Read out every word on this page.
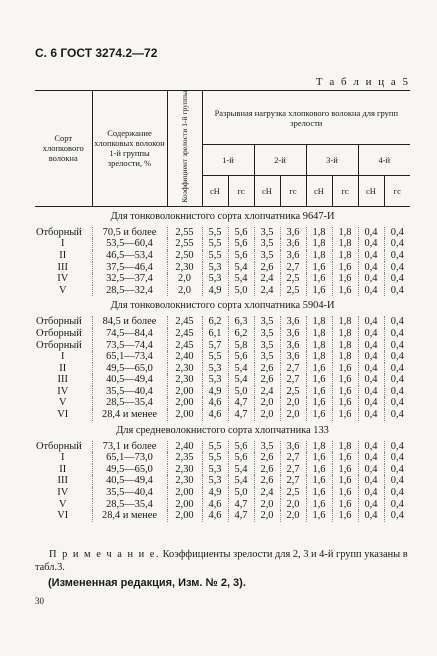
С. 6 ГОСТ 3274.2—72
Т а б л и ц а 5
Сорт хлопкового волокна	Содержание хлопковых волокон 1-й группы зрелости, %	Коэффициент зрелости 1-й группы	Разрывная нагрузка хлопкового волокна для групп зрелости							
			1-й		2-й		3-й		4-й	
			сН	гс	сН	гс	сН	гс	сН	гс
Для тонковолокнистого сорта хлопчатника 9647-И										
Отборный	70,5 и более	2,55	5,5	5,6	3,5	3,6	1,8	1,8	0,4	0,4
I	53,5—60,4	2,55	5,5	5,6	3,5	3,6	1,8	1,8	0,4	0,4
II	46,5—53,4	2,50	5,5	5,6	3,5	3,6	1,8	1,8	0,4	0,4
III	37,5—46,4	2,30	5,3	5,4	2,6	2,7	1,6	1,6	0,4	0,4
IV	32,5—37,4	2,0	5,3	5,4	2,4	2,5	1,6	1,6	0,4	0,4
V	28,5—32,4	2,0	4,9	5,0	2,4	2,5	1,6	1,6	0,4	0,4
Для тонковолокнистого сорта хлопчатника 5904-И										
Отборный	84,5 и более	2,45	6,2	6,3	3,5	3,6	1,8	1,8	0,4	0,4
Отборный	74,5—84,4	2,45	6,1	6,2	3,5	3,6	1,8	1,8	0,4	0,4
Отборный	73,5—74,4	2,45	5,7	5,8	3,5	3,6	1,8	1,8	0,4	0,4
I	65,1—73,4	2,40	5,5	5,6	3,5	3,6	1,8	1,8	0,4	0,4
II	49,5—65,0	2,30	5,3	5,4	2,6	2,7	1,6	1,6	0,4	0,4
III	40,5—49,4	2,30	5,3	5,4	2,6	2,7	1,6	1,6	0,4	0,4
IV	35,5—40,4	2,00	4,9	5,0	2,4	2,5	1,6	1,6	0,4	0,4
V	28,5—35,4	2,00	4,6	4,7	2,0	2,0	1,6	1,6	0,4	0,4
VI	28,4 и менее	2,00	4,6	4,7	2,0	2,0	1,6	1,6	0,4	0,4
Для средневолокнистого сорта хлопчатника 133										
Отборный	73,1 и более	2,40	5,5	5,6	3,5	3,6	1,8	1,8	0,4	0,4
I	65,1—73,0	2,35	5,5	5,6	2,6	2,7	1,6	1,6	0,4	0,4
II	49,5—65,0	2,30	5,3	5,4	2,6	2,7	1,6	1,6	0,4	0,4
III	40,5—49,4	2,30	5,3	5,4	2,6	2,7	1,6	1,6	0,4	0,4
IV	35,5—40,4	2,00	4,9	5,0	2,4	2,5	1,6	1,6	0,4	0,4
V	28,5—35,4	2,00	4,6	4,7	2,0	2,0	1,6	1,6	0,4	0,4
VI	28,4 и менее	2,00	4,6	4,7	2,0	2,0	1,6	1,6	0,4	0,4
П р и м е ч а н и е. Коэффициенты зрелости для 2, 3 и 4-й групп указаны в табл.3.
(Измененная редакция, Изм. № 2, 3).
30
